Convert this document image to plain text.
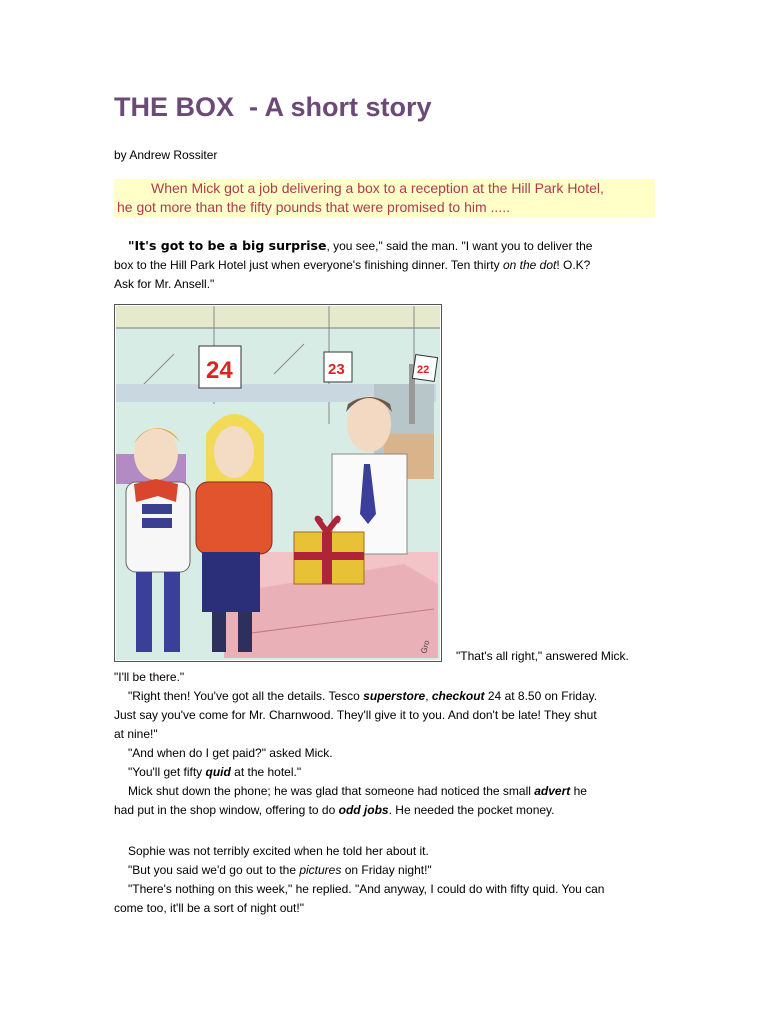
THE BOX  - A short story
by Andrew Rossiter

When Mick got a job delivering a box to a reception at the Hill Park Hotel,

he got more than the fifty pounds that were promised to him .....

"It's got to be a big surprise, you see," said the man. "I want you to deliver the

box to the Hill Park Hotel just when everyone's finishing dinner. Ten thirty on the dot! O.K?

Ask for Mr. Ansell."

24	23	22
Gro
"That's all right," answered Mick.

"I'll be there."

"Right then! You've got all the details. Tesco superstore, checkout 24 at 8.50 on Friday.

Just say you've come for Mr. Charnwood. They'll give it to you. And don't be late! They shut

at nine!"

"And when do I get paid?" asked Mick.

"You'll get fifty quid at the hotel."

Mick shut down the phone; he was glad that someone had noticed the small advert he

had put in the shop window, offering to do odd jobs. He needed the pocket money.

Sophie was not terribly excited when he told her about it.

"But you said we'd go out to the pictures on Friday night!"

"There's nothing on this week," he replied. "And anyway, I could do with fifty quid. You can

come too, it'll be a sort of night out!"
